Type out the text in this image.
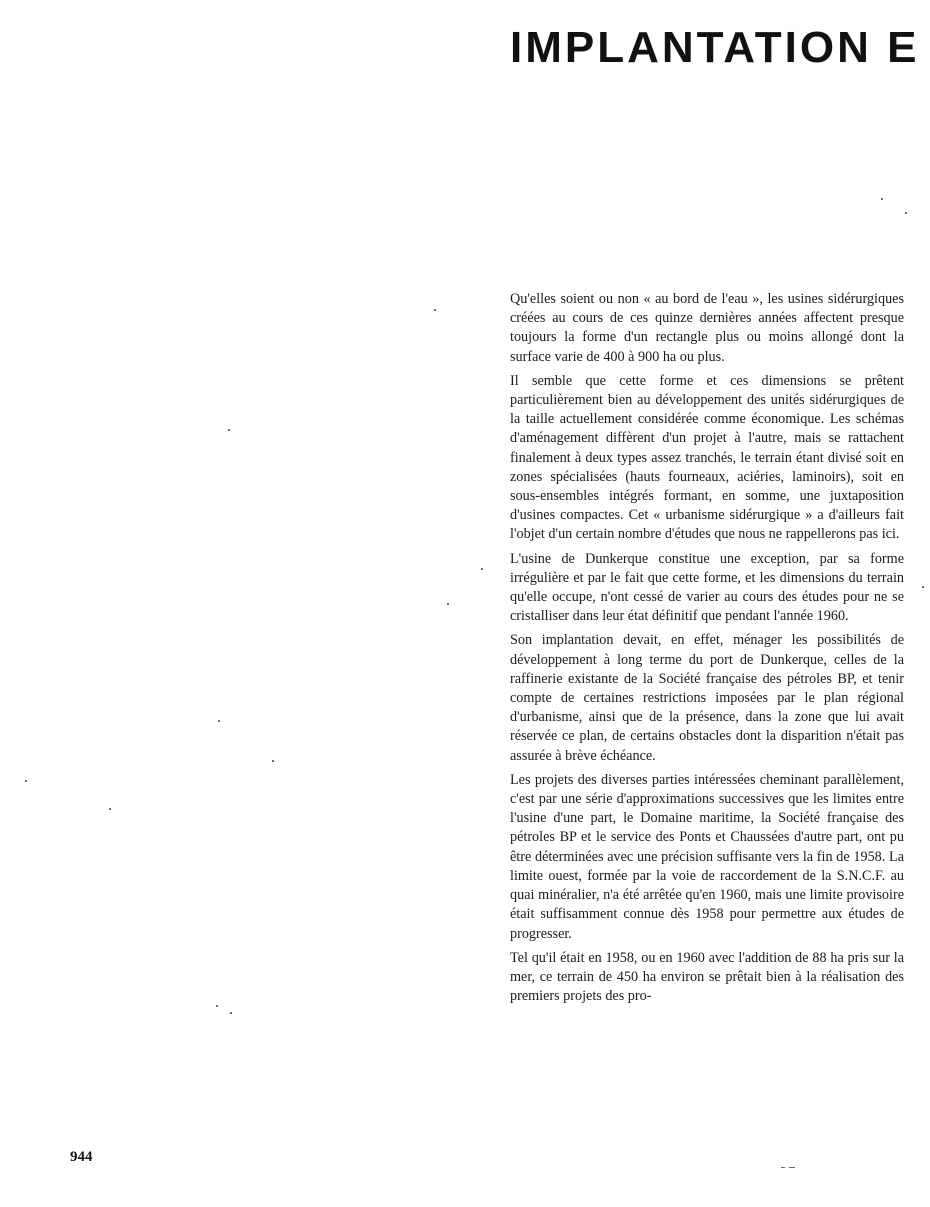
IMPLANTATION E

Qu'elles soient ou non « au bord de l'eau », les usines sidérurgiques créées au cours de ces quinze dernières années affectent presque toujours la forme d'un rectangle plus ou moins allongé dont la surface varie de 400 à 900 ha ou plus.

Il semble que cette forme et ces dimensions se prêtent particulièrement bien au développement des unités sidérurgiques de la taille actuellement considérée comme économique. Les schémas d'aménagement diffèrent d'un projet à l'autre, mais se rattachent finalement à deux types assez tranchés, le terrain étant divisé soit en zones spécialisées (hauts fourneaux, aciéries, laminoirs), soit en sous-ensembles intégrés formant, en somme, une juxtaposition d'usines compactes. Cet « urbanisme sidérurgique » a d'ailleurs fait l'objet d'un certain nombre d'études que nous ne rappellerons pas ici.

L'usine de Dunkerque constitue une exception, par sa forme irrégulière et par le fait que cette forme, et les dimensions du terrain qu'elle occupe, n'ont cessé de varier au cours des études pour ne se cristalliser dans leur état définitif que pendant l'année 1960.

Son implantation devait, en effet, ménager les possibilités de développement à long terme du port de Dunkerque, celles de la raffinerie existante de la Société française des pétroles BP, et tenir compte de certaines restrictions imposées par le plan régional d'urbanisme, ainsi que de la présence, dans la zone que lui avait réservée ce plan, de certains obstacles dont la disparition n'était pas assurée à brève échéance.

Les projets des diverses parties intéressées cheminant parallèlement, c'est par une série d'approximations successives que les limites entre l'usine d'une part, le Domaine maritime, la Société française des pétroles BP et le service des Ponts et Chaussées d'autre part, ont pu être déterminées avec une précision suffisante vers la fin de 1958. La limite ouest, formée par la voie de raccordement de la S.N.C.F. au quai minéralier, n'a été arrêtée qu'en 1960, mais une limite provisoire était suffisamment connue dès 1958 pour permettre aux études de progresser.

Tel qu'il était en 1958, ou en 1960 avec l'addition de 88 ha pris sur la mer, ce terrain de 450 ha environ se prêtait bien à la réalisation des premiers projets des pro-

944
